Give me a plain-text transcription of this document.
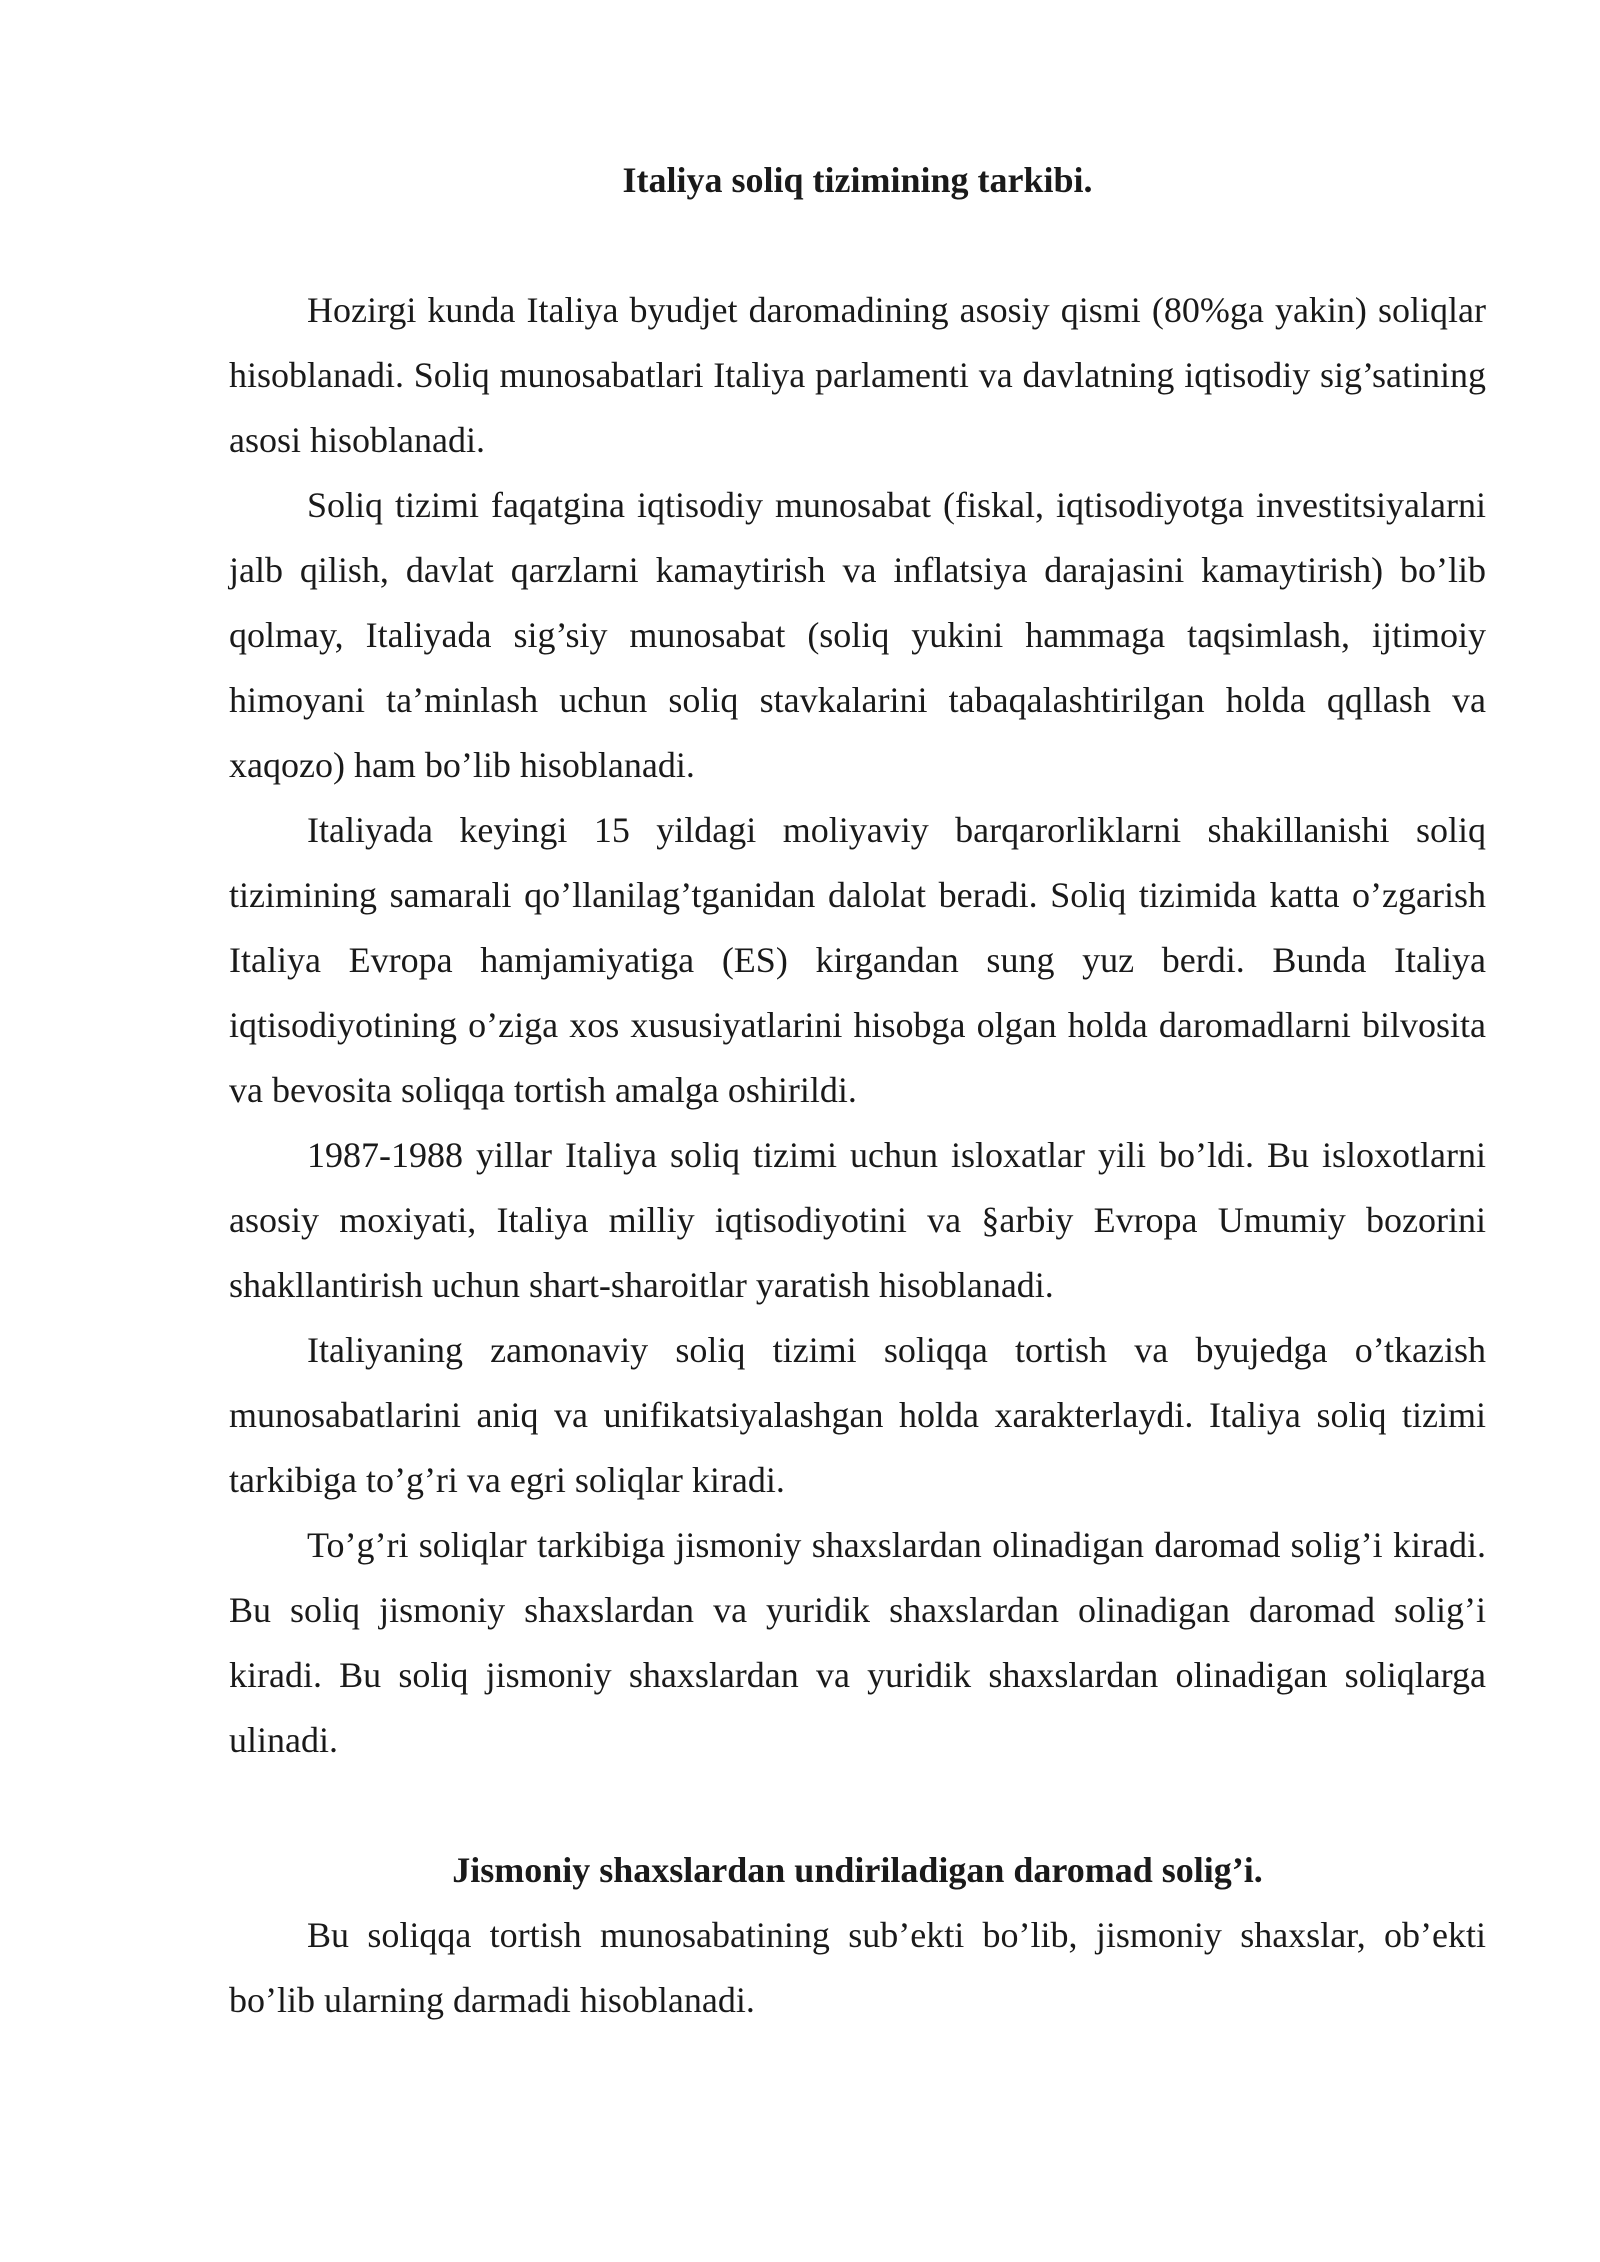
Italiya soliq tizimining tarkibi.

Hozirgi kunda Italiya byudjet daromadining asosiy qismi (80%ga yakin) soliqlar hisoblanadi. Soliq munosabatlari Italiya parlamenti va davlatning iqtisodiy sig’satining asosi hisoblanadi.

Soliq tizimi faqatgina iqtisodiy munosabat (fiskal, iqtisodiyotga investitsiyalarni jalb qilish, davlat qarzlarni kamaytirish va inflatsiya darajasini kamaytirish) bo’lib qolmay, Italiyada sig’siy munosabat (soliq yukini hammaga taqsimlash, ijtimoiy himoyani ta’minlash uchun soliq stavkalarini tabaqalashtirilgan holda qqllash va xaqozo) ham bo’lib hisoblanadi.

Italiyada keyingi 15 yildagi moliyaviy barqarorliklarni shakillanishi soliq tizimining samarali qo’llanilag’tganidan dalolat beradi. Soliq tizimida katta o’zgarish Italiya Evropa hamjamiyatiga (ES) kirgandan sung yuz berdi. Bunda Italiya iqtisodiyotining o’ziga xos xususiyatlarini hisobga olgan holda daromadlarni bilvosita va bevosita soliqqa tortish amalga oshirildi.

1987-1988 yillar Italiya soliq tizimi uchun isloxatlar yili bo’ldi. Bu isloxotlarni asosiy moxiyati, Italiya milliy iqtisodiyotini va §arbiy Evropa Umumiy bozorini shakllantirish uchun shart-sharoitlar yaratish hisoblanadi.

Italiyaning zamonaviy soliq tizimi soliqqa tortish va byujedga o’tkazish munosabatlarini aniq va unifikatsiyalashgan holda xarakterlaydi. Italiya soliq tizimi tarkibiga to’g’ri va egri soliqlar kiradi.

To’g’ri soliqlar tarkibiga jismoniy shaxslardan olinadigan daromad solig’i kiradi. Bu soliq jismoniy shaxslardan va yuridik shaxslardan olinadigan daromad solig’i kiradi. Bu soliq jismoniy shaxslardan va yuridik shaxslardan olinadigan soliqlarga ulinadi.

Jismoniy shaxslardan undiriladigan daromad solig’i.

Bu soliqqa tortish munosabatining sub’ekti bo’lib, jismoniy shaxslar, ob’ekti bo’lib ularning darmadi hisoblanadi.
